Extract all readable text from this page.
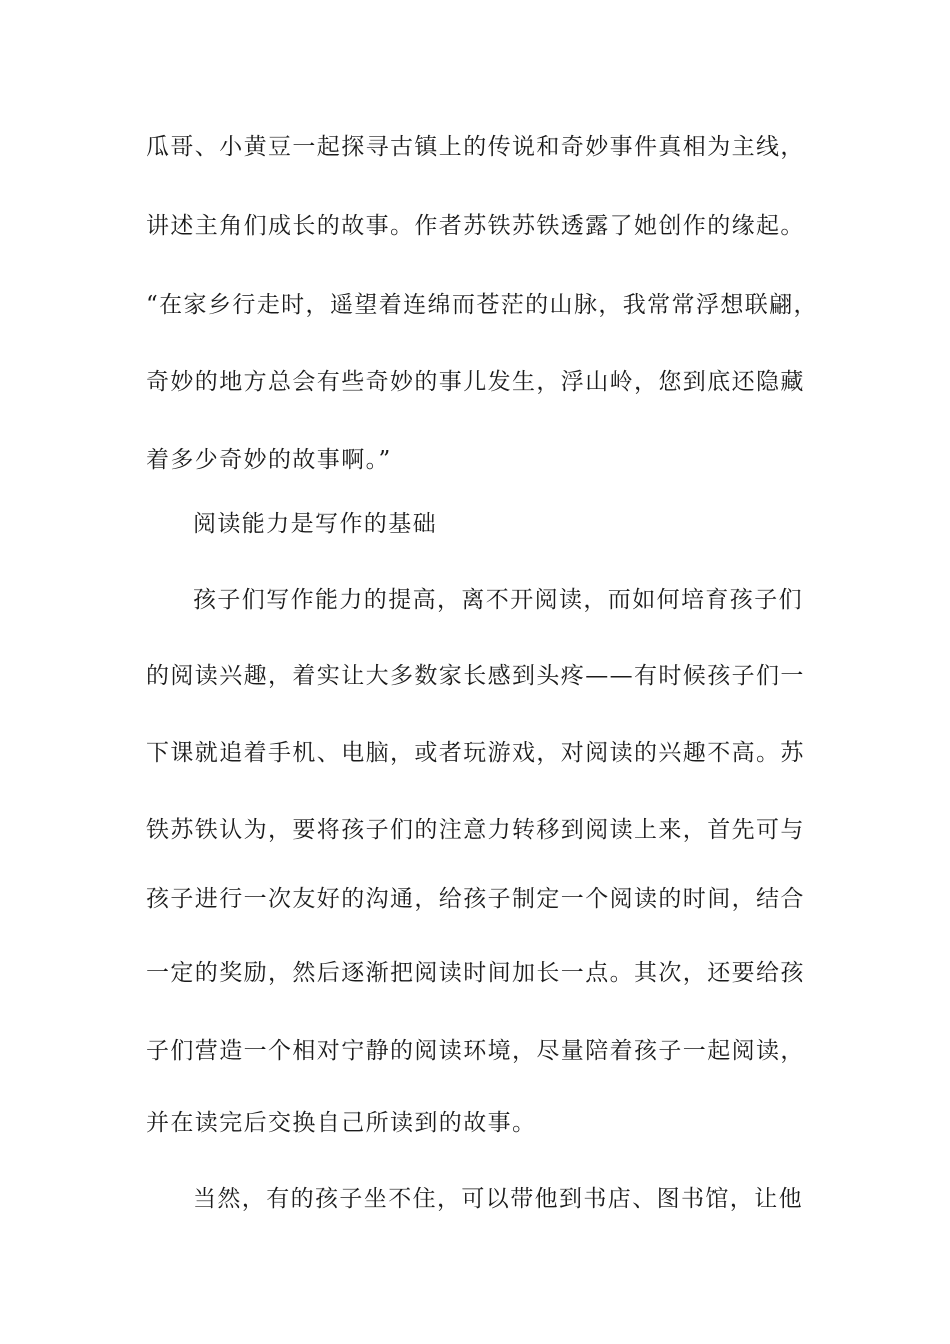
瓜哥、小黄豆一起探寻古镇上的传说和奇妙事件真相为主线，
讲述主角们成长的故事。作者苏铁苏铁透露了她创作的缘起。
“在家乡行走时，遥望着连绵而苍茫的山脉，我常常浮想联翩，
奇妙的地方总会有些奇妙的事儿发生，浮山岭，您到底还隐藏
着多少奇妙的故事啊。”
阅读能力是写作的基础
孩子们写作能力的提高，离不开阅读，而如何培育孩子们
的阅读兴趣，着实让大多数家长感到头疼——有时候孩子们一
下课就追着手机、电脑，或者玩游戏，对阅读的兴趣不高。苏
铁苏铁认为，要将孩子们的注意力转移到阅读上来，首先可与
孩子进行一次友好的沟通，给孩子制定一个阅读的时间，结合
一定的奖励，然后逐渐把阅读时间加长一点。其次，还要给孩
子们营造一个相对宁静的阅读环境，尽量陪着孩子一起阅读，
并在读完后交换自己所读到的故事。
当然，有的孩子坐不住，可以带他到书店、图书馆，让他
